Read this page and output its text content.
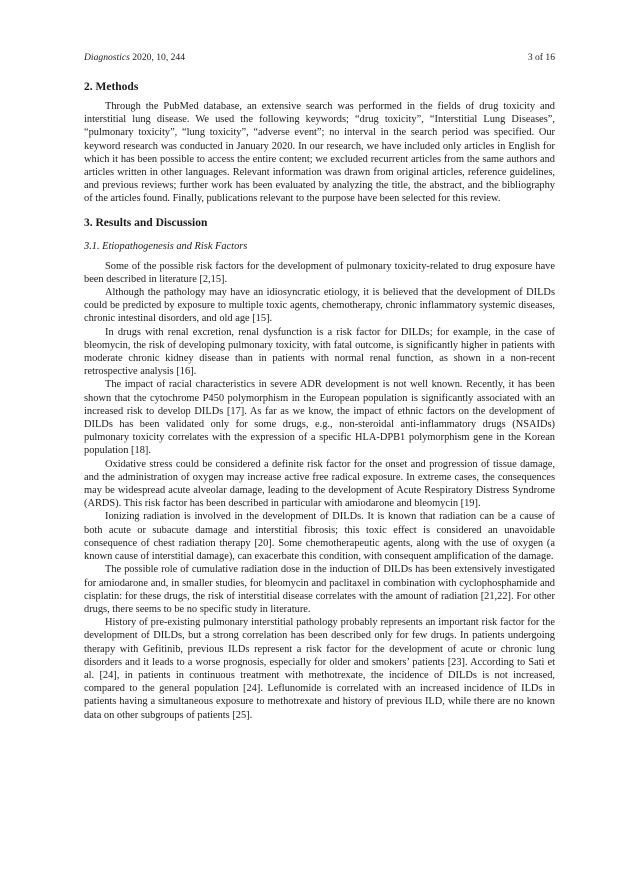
Diagnostics 2020, 10, 244	3 of 16
2. Methods

Through the PubMed database, an extensive search was performed in the fields of drug toxicity and interstitial lung disease. We used the following keywords; “drug toxicity”, “Interstitial Lung Diseases”, “pulmonary toxicity”, “lung toxicity”, “adverse event”; no interval in the search period was specified. Our keyword research was conducted in January 2020. In our research, we have included only articles in English for which it has been possible to access the entire content; we excluded recurrent articles from the same authors and articles written in other languages. Relevant information was drawn from original articles, reference guidelines, and previous reviews; further work has been evaluated by analyzing the title, the abstract, and the bibliography of the articles found. Finally, publications relevant to the purpose have been selected for this review.

3. Results and Discussion
3.1. Etiopathogenesis and Risk Factors

Some of the possible risk factors for the development of pulmonary toxicity-related to drug exposure have been described in literature [2,15].

Although the pathology may have an idiosyncratic etiology, it is believed that the development of DILDs could be predicted by exposure to multiple toxic agents, chemotherapy, chronic inflammatory systemic diseases, chronic intestinal disorders, and old age [15].

In drugs with renal excretion, renal dysfunction is a risk factor for DILDs; for example, in the case of bleomycin, the risk of developing pulmonary toxicity, with fatal outcome, is significantly higher in patients with moderate chronic kidney disease than in patients with normal renal function, as shown in a non-recent retrospective analysis [16].

The impact of racial characteristics in severe ADR development is not well known. Recently, it has been shown that the cytochrome P450 polymorphism in the European population is significantly associated with an increased risk to develop DILDs [17]. As far as we know, the impact of ethnic factors on the development of DILDs has been validated only for some drugs, e.g., non-steroidal anti-inflammatory drugs (NSAIDs) pulmonary toxicity correlates with the expression of a specific HLA-DPB1 polymorphism gene in the Korean population [18].

Oxidative stress could be considered a definite risk factor for the onset and progression of tissue damage, and the administration of oxygen may increase active free radical exposure. In extreme cases, the consequences may be widespread acute alveolar damage, leading to the development of Acute Respiratory Distress Syndrome (ARDS). This risk factor has been described in particular with amiodarone and bleomycin [19].

Ionizing radiation is involved in the development of DILDs. It is known that radiation can be a cause of both acute or subacute damage and interstitial fibrosis; this toxic effect is considered an unavoidable consequence of chest radiation therapy [20]. Some chemotherapeutic agents, along with the use of oxygen (a known cause of interstitial damage), can exacerbate this condition, with consequent amplification of the damage.

The possible role of cumulative radiation dose in the induction of DILDs has been extensively investigated for amiodarone and, in smaller studies, for bleomycin and paclitaxel in combination with cyclophosphamide and cisplatin: for these drugs, the risk of interstitial disease correlates with the amount of radiation [21,22]. For other drugs, there seems to be no specific study in literature.

History of pre-existing pulmonary interstitial pathology probably represents an important risk factor for the development of DILDs, but a strong correlation has been described only for few drugs. In patients undergoing therapy with Gefitinib, previous ILDs represent a risk factor for the development of acute or chronic lung disorders and it leads to a worse prognosis, especially for older and smokers’ patients [23]. According to Sati et al. [24], in patients in continuous treatment with methotrexate, the incidence of DILDs is not increased, compared to the general population [24]. Leflunomide is correlated with an increased incidence of ILDs in patients having a simultaneous exposure to methotrexate and history of previous ILD, while there are no known data on other subgroups of patients [25].
